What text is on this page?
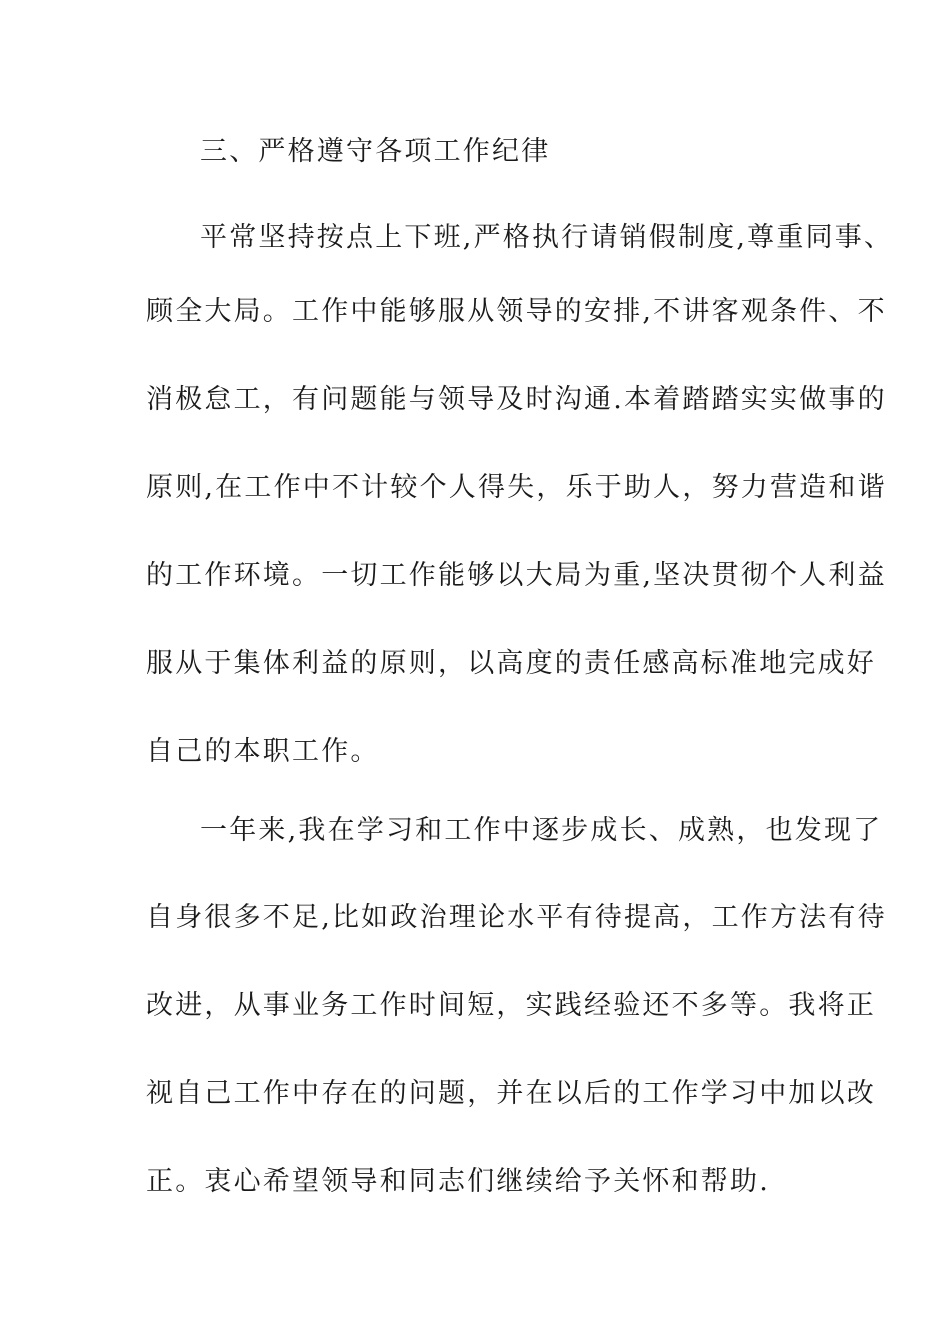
三、严格遵守各项工作纪律
平常坚持按点上下班,严格执行请销假制度,尊重同事、
顾全大局。工作中能够服从领导的安排,不讲客观条件、不
消极怠工，有问题能与领导及时沟通.本着踏踏实实做事的
原则,在工作中不计较个人得失，乐于助人，努力营造和谐
的工作环境。一切工作能够以大局为重,坚决贯彻个人利益
服从于集体利益的原则，以高度的责任感高标准地完成好
自己的本职工作。
一年来,我在学习和工作中逐步成长、成熟，也发现了
自身很多不足,比如政治理论水平有待提高，工作方法有待
改进，从事业务工作时间短，实践经验还不多等。我将正
视自己工作中存在的问题，并在以后的工作学习中加以改
正。衷心希望领导和同志们继续给予关怀和帮助.
